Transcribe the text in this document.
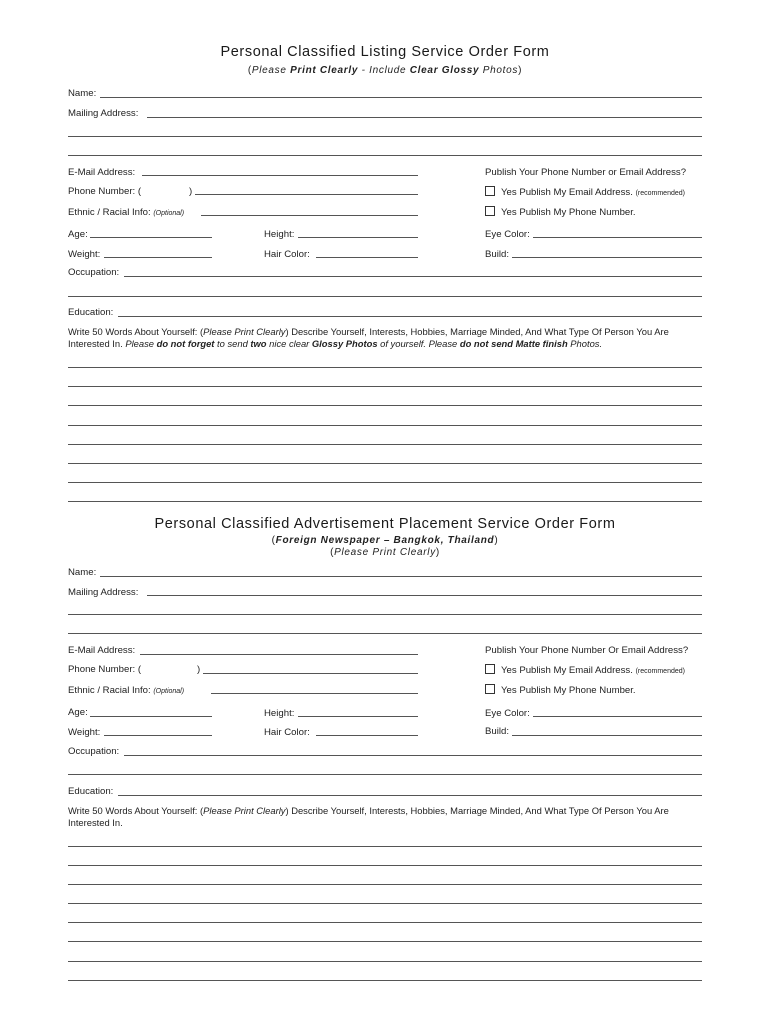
Personal Classified Listing Service Order Form
(Please Print Clearly - Include Clear Glossy Photos)
Name:
Mailing Address:
E-Mail Address:	Publish Your Phone Number or Email Address?
Phone Number: (	)	Yes Publish My Email Address. (recommended)
Ethnic / Racial Info: (Optional)	Yes Publish My Phone Number.
Age:	Height:	Eye Color:
Weight:	Hair Color:	Build:
Occupation:
Education:
Write 50 Words About Yourself: (Please Print Clearly) Describe Yourself, Interests, Hobbies, Marriage Minded, And What Type Of Person You Are Interested In. Please do not forget to send two nice clear Glossy Photos of yourself. Please do not send Matte finish Photos.
Personal Classified Advertisement Placement Service Order Form
(Foreign Newspaper – Bangkok, Thailand)
(Please Print Clearly)
Name:
Mailing Address:
E-Mail Address:	Publish Your Phone Number Or Email Address?
Phone Number: (	)	Yes Publish My Email Address. (recommended)
Ethnic / Racial Info: (Optional)	Yes Publish My Phone Number.
Age:	Height:	Eye Color:
Weight:	Hair Color:	Build:
Occupation:
Education:
Write 50 Words About Yourself: (Please Print Clearly) Describe Yourself, Interests, Hobbies, Marriage Minded, And What Type Of Person You Are Interested In.
